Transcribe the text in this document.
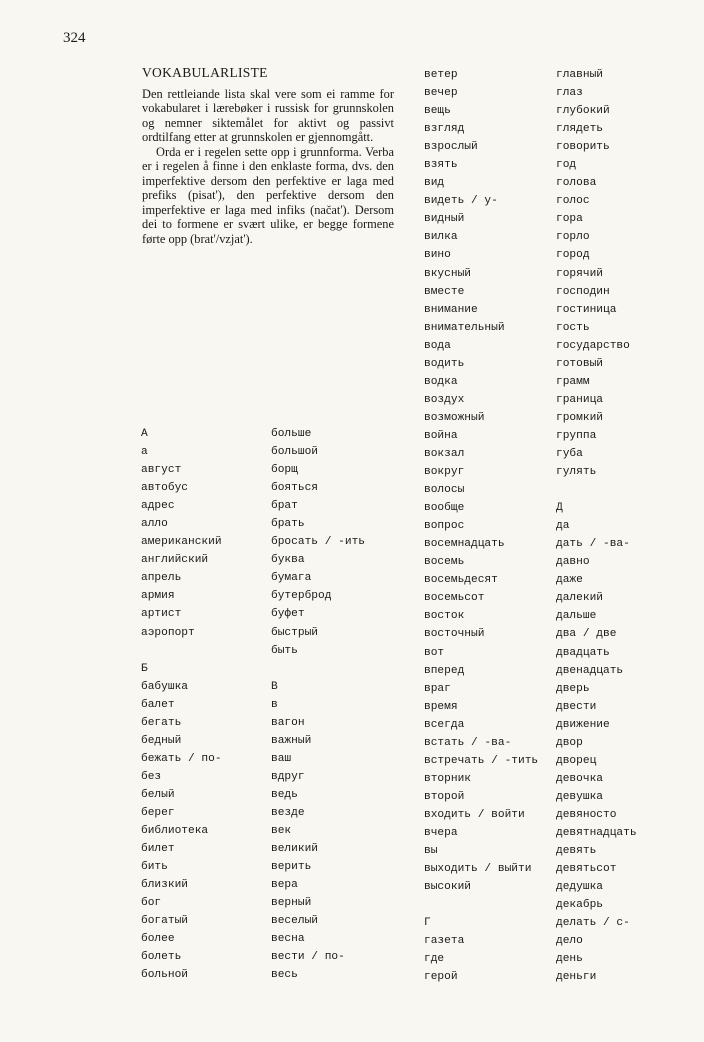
324
VOKABULARLISTE

Den rettleiande lista skal vere som ei ramme for vokabularet i lærebøker i russisk for grunnskolen og nemner siktemålet for aktivt og passivt ordtilfang etter at grunnskolen er gjennomgått.

Orda er i regelen sette opp i grunnforma. Verba er i regelen å finne i den enklaste forma, dvs. den imperfektive dersom den perfektive er laga med prefiks (pisat'), den perfektive dersom den imperfektive er laga med infiks (načat'). Dersom dei to formene er svært ulike, er begge formene førte opp (brat'/vzjat').

А
а
август
автобус
адрес
алло
американский
английский
апрель
армия
артист
аэропорт
Б
бабушка
балет
бегать
бедный
бежать / по-
без
белый
берег
библиотека
билет
бить
близкий
бог
богатый
более
болеть
больной
больше
большой
борщ
бояться
брат
брать
бросать / -ить
буква
бумага
бутерброд
буфет
быстрый
быть
В
в
вагон
важный
ваш
вдруг
ведь
везде
век
великий
верить
вера
верный
веселый
весна
вести / по-
весь
ветер
вечер
вещь
взгляд
взрослый
взять
вид
видеть / у-
видный
вилка
вино
вкусный
вместе
внимание
внимательный
вода
водить
водка
воздух
возможный
война
вокзал
вокруг
волосы
вообще
вопрос
восемнадцать
восемь
восемьдесят
восемьсот
восток
восточный
вот
вперед
враг
время
всегда
встать / -ва-
встречать / -тить
вторник
второй
входить / войти
вчера
вы
выходить / выйти
высокий
Г
газета
где
герой
главный
глаз
глубокий
глядеть
говорить
год
голова
голос
гора
горло
город
горячий
господин
гостиница
гость
государство
готовый
грамм
граница
громкий
группа
губа
гулять
Д
да
дать / -ва-
давно
даже
далекий
дальше
два / две
двадцать
двенадцать
дверь
двести
движение
двор
дворец
девочка
девушка
девяносто
девятнадцать
девять
девятьсот
дедушка
декабрь
делать / с-
дело
день
деньги
